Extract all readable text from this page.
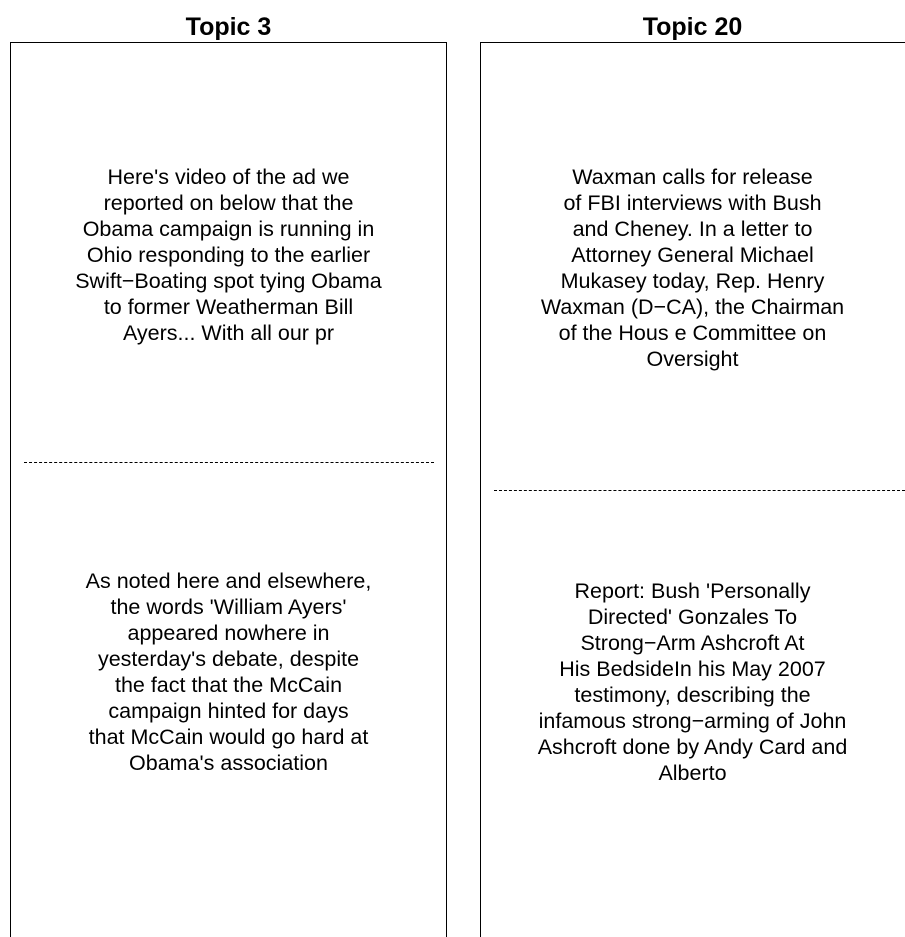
Topic 3
Here's video of the ad we
reported on below that the
Obama campaign is running in
Ohio responding to the earlier
Swift−Boating spot tying Obama
to former Weatherman Bill
Ayers... With all our pr
As noted here and elsewhere,
the words 'William Ayers'
appeared nowhere in
yesterday's debate, despite
the fact that the McCain
campaign hinted for days
that McCain would go hard at
Obama's association
Topic 20
Waxman calls for release
of FBI interviews with Bush
and Cheney. In a letter to
Attorney General Michael
Mukasey today, Rep. Henry
Waxman (D−CA), the Chairman
of the Hous e Committee on
Oversight
Report: Bush 'Personally
Directed' Gonzales To
Strong−Arm Ashcroft At
His BedsideIn his May 2007
testimony, describing the
infamous strong−arming of John
Ashcroft done by Andy Card and
Alberto
